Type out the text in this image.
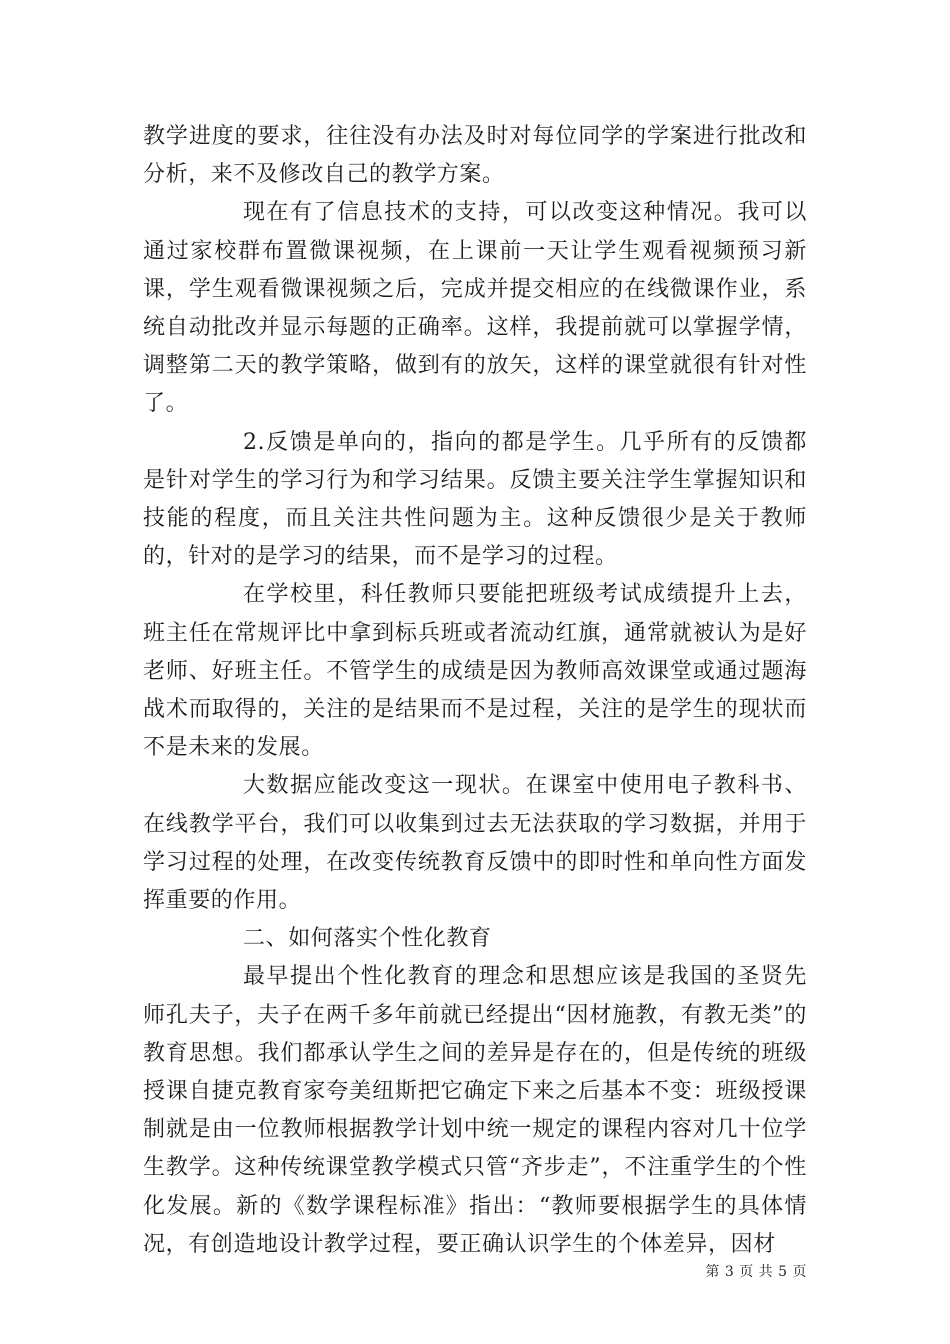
教学进度的要求，往往没有办法及时对每位同学的学案进行批改和分析，来不及修改自己的教学方案。

现在有了信息技术的支持，可以改变这种情况。我可以通过家校群布置微课视频，在上课前一天让学生观看视频预习新课，学生观看微课视频之后，完成并提交相应的在线微课作业，系统自动批改并显示每题的正确率。这样，我提前就可以掌握学情，调整第二天的教学策略，做到有的放矢，这样的课堂就很有针对性了。

2.反馈是单向的，指向的都是学生。几乎所有的反馈都是针对学生的学习行为和学习结果。反馈主要关注学生掌握知识和技能的程度，而且关注共性问题为主。这种反馈很少是关于教师的，针对的是学习的结果，而不是学习的过程。

在学校里，科任教师只要能把班级考试成绩提升上去，班主任在常规评比中拿到标兵班或者流动红旗，通常就被认为是好老师、好班主任。不管学生的成绩是因为教师高效课堂或通过题海战术而取得的，关注的是结果而不是过程，关注的是学生的现状而不是未来的发展。

大数据应能改变这一现状。在课室中使用电子教科书、在线教学平台，我们可以收集到过去无法获取的学习数据，并用于学习过程的处理，在改变传统教育反馈中的即时性和单向性方面发挥重要的作用。

二、如何落实个性化教育

最早提出个性化教育的理念和思想应该是我国的圣贤先师孔夫子，夫子在两千多年前就已经提出“因材施教，有教无类”的教育思想。我们都承认学生之间的差异是存在的，但是传统的班级授课自捷克教育家夸美纽斯把它确定下来之后基本不变：班级授课制就是由一位教师根据教学计划中统一规定的课程内容对几十位学生教学。这种传统课堂教学模式只管“齐步走”，不注重学生的个性化发展。新的《数学课程标准》指出：“教师要根据学生的具体情况，有创造地设计教学过程，要正确认识学生的个体差异，因材

第 3 页 共 5 页
